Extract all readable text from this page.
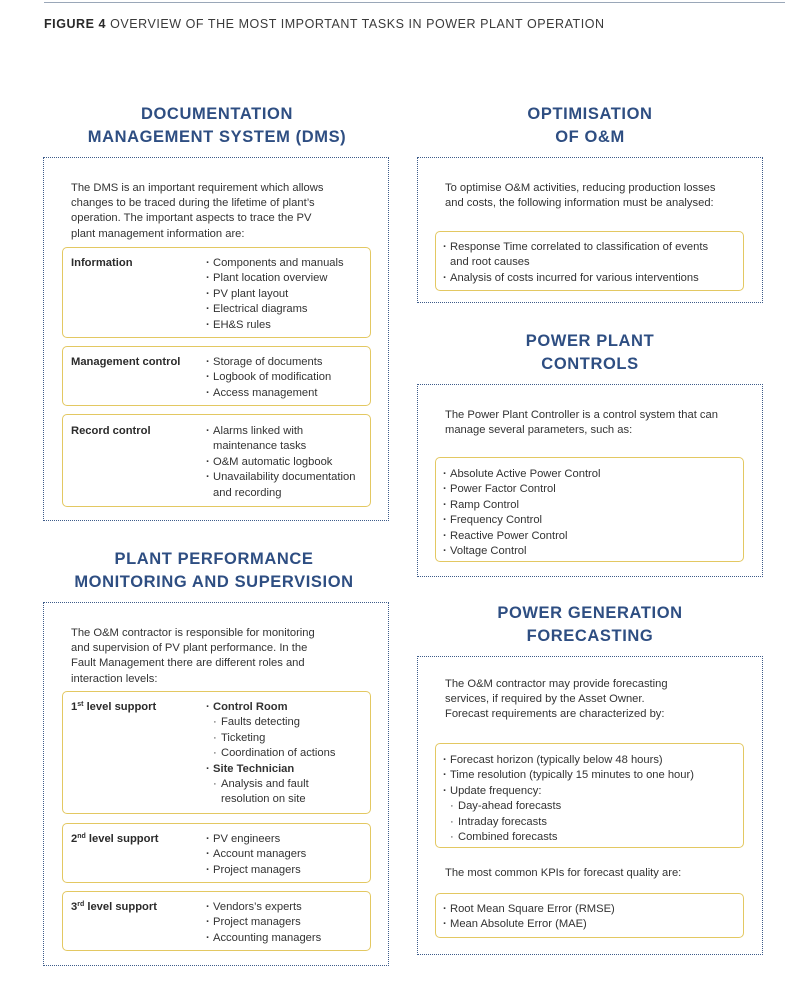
FIGURE 4 OVERVIEW OF THE MOST IMPORTANT TASKS IN POWER PLANT OPERATION
DOCUMENTATION
MANAGEMENT SYSTEM (DMS)
The DMS is an important requirement which allows
changes to be traced during the lifetime of plant’s
operation. The important aspects to trace the PV
plant management information are:
Information	· Components and manuals
· Plant location overview
· PV plant layout
· Electrical diagrams
· EH&S rules
Management control	· Storage of documents
· Logbook of modification
· Access management
Record control	· Alarms linked with
maintenance tasks
· O&M automatic logbook
· Unavailability documentation
and recording
PLANT PERFORMANCE
MONITORING AND SUPERVISION
The O&M contractor is responsible for monitoring
and supervision of PV plant performance. In the
Fault Management there are different roles and
interaction levels:
1st level support	· Control Room
· Faults detecting
· Ticketing
· Coordination of actions
· Site Technician
· Analysis and fault
resolution on site
2nd level support	· PV engineers
· Account managers
· Project managers
3rd level support	· Vendors’s experts
· Project managers
· Accounting managers
OPTIMISATION
OF O&M
To optimise O&M activities, reducing production losses
and costs, the following information must be analysed:
· Response Time correlated to classification of events
and root causes
· Analysis of costs incurred for various interventions
POWER PLANT
CONTROLS
The Power Plant Controller is a control system that can
manage several parameters, such as:
· Absolute Active Power Control
· Power Factor Control
· Ramp Control
· Frequency Control
· Reactive Power Control
· Voltage Control
POWER GENERATION
FORECASTING
The O&M contractor may provide forecasting
services, if required by the Asset Owner.
Forecast requirements are characterized by:
· Forecast horizon (typically below 48 hours)
· Time resolution (typically 15 minutes to one hour)
· Update frequency:
· Day-ahead forecasts
· Intraday forecasts
· Combined forecasts
The most common KPIs for forecast quality are:
· Root Mean Square Error (RMSE)
· Mean Absolute Error (MAE)
